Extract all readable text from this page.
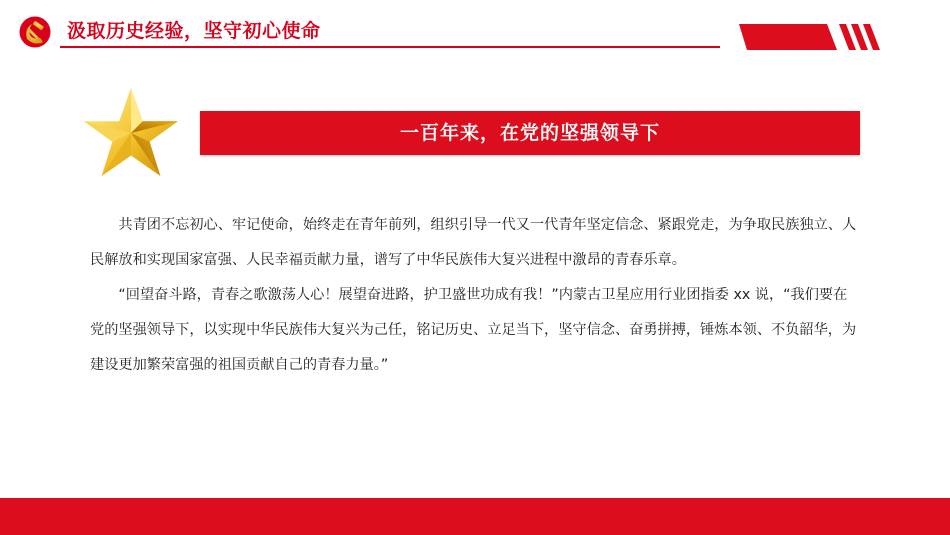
汲取历史经验，坚守初心使命
一百年来，在党的坚强领导下

共青团不忘初心、牢记使命，始终走在青年前列，组织引导一代又一代青年坚定信念、紧跟党走，为争取民族独立、人民解放和实现国家富强、人民幸福贡献力量，谱写了中华民族伟大复兴进程中激昂的青春乐章。

“回望奋斗路，青春之歌激荡人心！展望奋进路，护卫盛世功成有我！”内蒙古卫星应用行业团指委 xx 说，“我们要在党的坚强领导下，以实现中华民族伟大复兴为己任，铭记历史、立足当下，坚守信念、奋勇拼搏，锤炼本领、不负韶华，为建设更加繁荣富强的祖国贡献自己的青春力量。”
